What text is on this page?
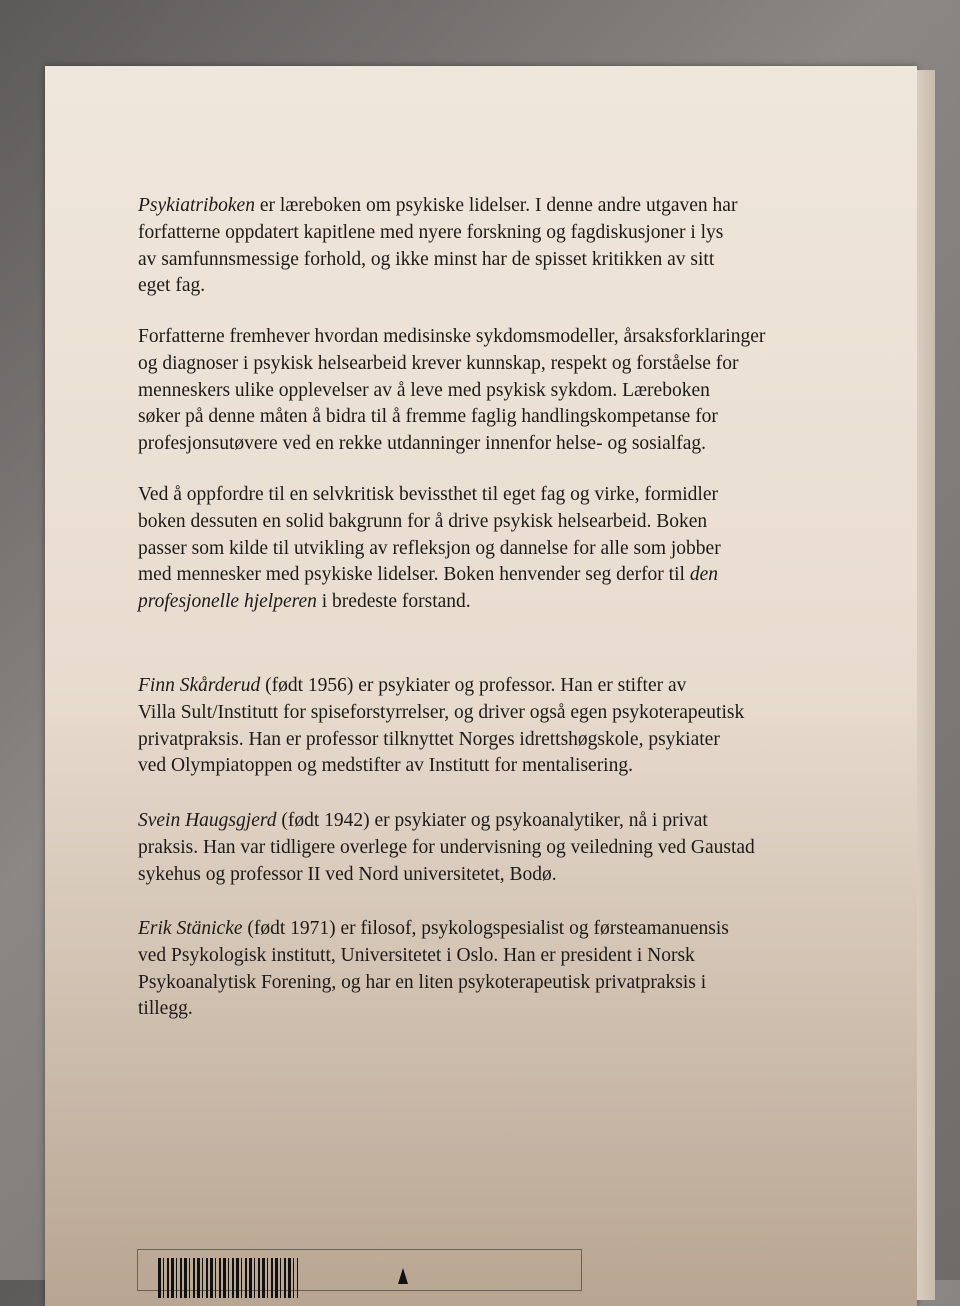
Psykiatriboken er læreboken om psykiske lidelser. I denne andre utgaven har
forfatterne oppdatert kapitlene med nyere forskning og fagdiskusjoner i lys
av samfunnsmessige forhold, og ikke minst har de spisset kritikken av sitt
eget fag.
Forfatterne fremhever hvordan medisinske sykdomsmodeller, årsaksforklaringer
og diagnoser i psykisk helsearbeid krever kunnskap, respekt og forståelse for
menneskers ulike opplevelser av å leve med psykisk sykdom. Læreboken
søker på denne måten å bidra til å fremme faglig handlingskompetanse for
profesjonsutøvere ved en rekke utdanninger innenfor helse- og sosialfag.
Ved å oppfordre til en selvkritisk bevissthet til eget fag og virke, formidler
boken dessuten en solid bakgrunn for å drive psykisk helsearbeid. Boken
passer som kilde til utvikling av refleksjon og dannelse for alle som jobber
med mennesker med psykiske lidelser. Boken henvender seg derfor til den
profesjonelle hjelperen i bredeste forstand.
Finn Skårderud (født 1956) er psykiater og professor. Han er stifter av
Villa Sult/Institutt for spiseforstyrrelser, og driver også egen psykoterapeutisk
privatpraksis. Han er professor tilknyttet Norges idrettshøgskole, psykiater
ved Olympiatoppen og medstifter av Institutt for mentalisering.
Svein Haugsgjerd (født 1942) er psykiater og psykoanalytiker, nå i privat
praksis. Han var tidligere overlege for undervisning og veiledning ved Gaustad
sykehus og professor II ved Nord universitetet, Bodø.
Erik Stänicke (født 1971) er filosof, psykologspesialist og førsteamanuensis
ved Psykologisk institutt, Universitetet i Oslo. Han er president i Norsk
Psykoanalytisk Forening, og har en liten psykoterapeutisk privatpraksis i
tillegg.
